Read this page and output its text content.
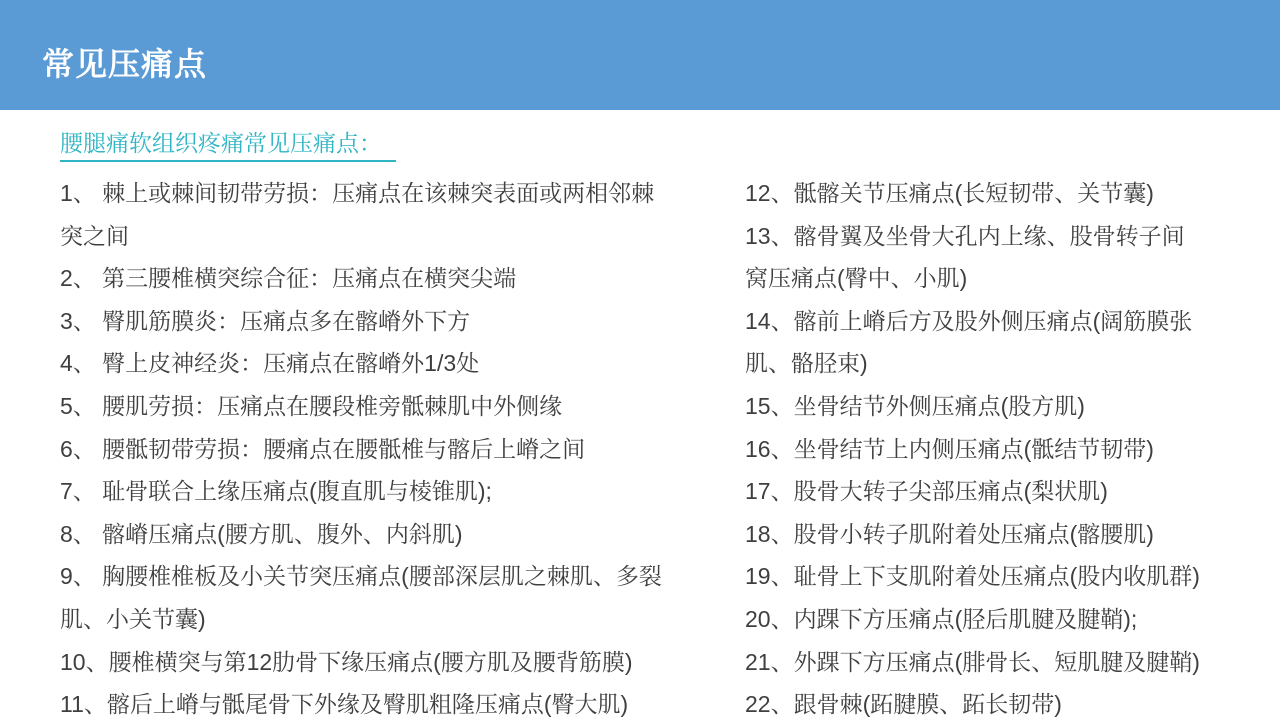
常见压痛点
腰腿痛软组织疼痛常见压痛点：

1、 棘上或棘间韧带劳损：压痛点在该棘突表面或两相邻棘突之间

2、 第三腰椎横突综合征：压痛点在横突尖端

3、 臀肌筋膜炎：压痛点多在髂嵴外下方

4、 臀上皮神经炎：压痛点在髂嵴外1/3处

5、 腰肌劳损：压痛点在腰段椎旁骶棘肌中外侧缘

6、 腰骶韧带劳损：腰痛点在腰骶椎与髂后上嵴之间

7、 耻骨联合上缘压痛点(腹直肌与棱锥肌);

8、 髂嵴压痛点(腰方肌、腹外、内斜肌)

9、 胸腰椎椎板及小关节突压痛点(腰部深层肌之棘肌、多裂肌、小关节囊)

10、腰椎横突与第12肋骨下缘压痛点(腰方肌及腰背筋膜)

11、髂后上嵴与骶尾骨下外缘及臀肌粗隆压痛点(臀大肌)

12、骶髂关节压痛点(长短韧带、关节囊)

13、髂骨翼及坐骨大孔内上缘、股骨转子间窝压痛点(臀中、小肌)

14、髂前上嵴后方及股外侧压痛点(阔筋膜张肌、骼胫束)

15、坐骨结节外侧压痛点(股方肌)

16、坐骨结节上内侧压痛点(骶结节韧带)

17、股骨大转子尖部压痛点(梨状肌)

18、股骨小转子肌附着处压痛点(髂腰肌)

19、耻骨上下支肌附着处压痛点(股内收肌群)

20、内踝下方压痛点(胫后肌腱及腱鞘);

21、外踝下方压痛点(腓骨长、短肌腱及腱鞘)

22、跟骨棘(跖腱膜、跖长韧带)
